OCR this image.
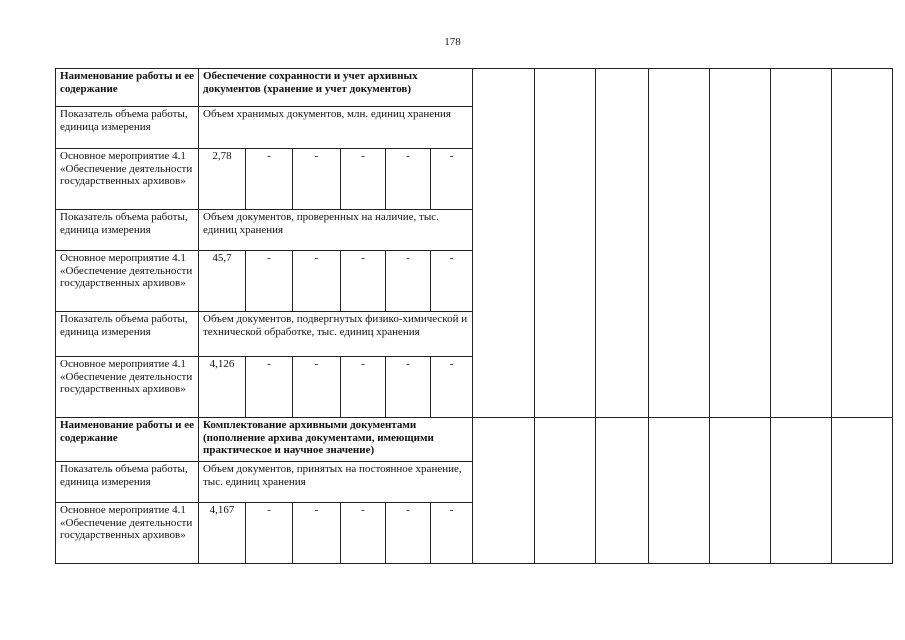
178
Наименование работы и ее содержание	Обеспечение сохранности и учет архивных документов (хранение и учет документов)												
Показатель объема работы, единица измерения	Объем хранимых документов, млн. единиц хранения												
Основное мероприятие 4.1 «Обеспечение деятельности государственных архивов»	2,78	-	-	-	-	-							
Показатель объема работы, единица измерения	Объем документов, проверенных на наличие, тыс. единиц хранения												
Основное мероприятие 4.1 «Обеспечение деятельности государственных архивов»	45,7	-	-	-	-	-							
Показатель объема работы, единица измерения	Объем документов, подвергнутых физико-химической и технической обработке, тыс. единиц хранения												
Основное мероприятие 4.1 «Обеспечение деятельности государственных архивов»	4,126	-	-	-	-	-							
Наименование работы и ее содержание	Комплектование архивными документами (пополнение архива документами, имеющими практическое и научное значение)												
Показатель объема работы, единица измерения	Объем документов, принятых на постоянное хранение, тыс. единиц хранения												
Основное мероприятие 4.1 «Обеспечение деятельности государственных архивов»	4,167	-	-	-	-	-							
